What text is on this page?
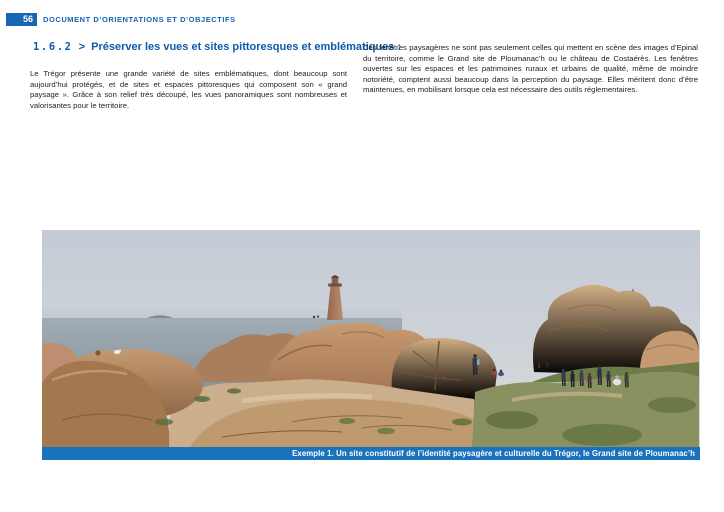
56	DOCUMENT D’ORIENTATIONS ET D’OBJECTIFS
1.6.2 > Préserver les vues et sites pittoresques et emblématiques :

Le Trégor présente une grande variété de sites emblématiques, dont beaucoup sont aujourd’hui protégés, et de sites et espaces pittoresques qui composent son « grand paysage ». Grâce à son relief très découpé, les vues panoramiques sont nombreuses et valorisantes pour le territoire.

Ces fenêtres paysagères ne sont pas seulement celles qui mettent en scène des images d’Epinal du territoire, comme le Grand site de Ploumanac’h ou le château de Costaérès. Les fenêtres ouvertes sur les espaces et les patrimoines ruraux et urbains de qualité, même de moindre notoriété, comptent aussi beaucoup dans la perception du paysage. Elles méritent donc d’être maintenues, en mobilisant lorsque cela est nécessaire des outils réglementaires.

Exemple 1. Un site constitutif de l’identité paysagère et culturelle du Trégor, le Grand site de Ploumanac’h
